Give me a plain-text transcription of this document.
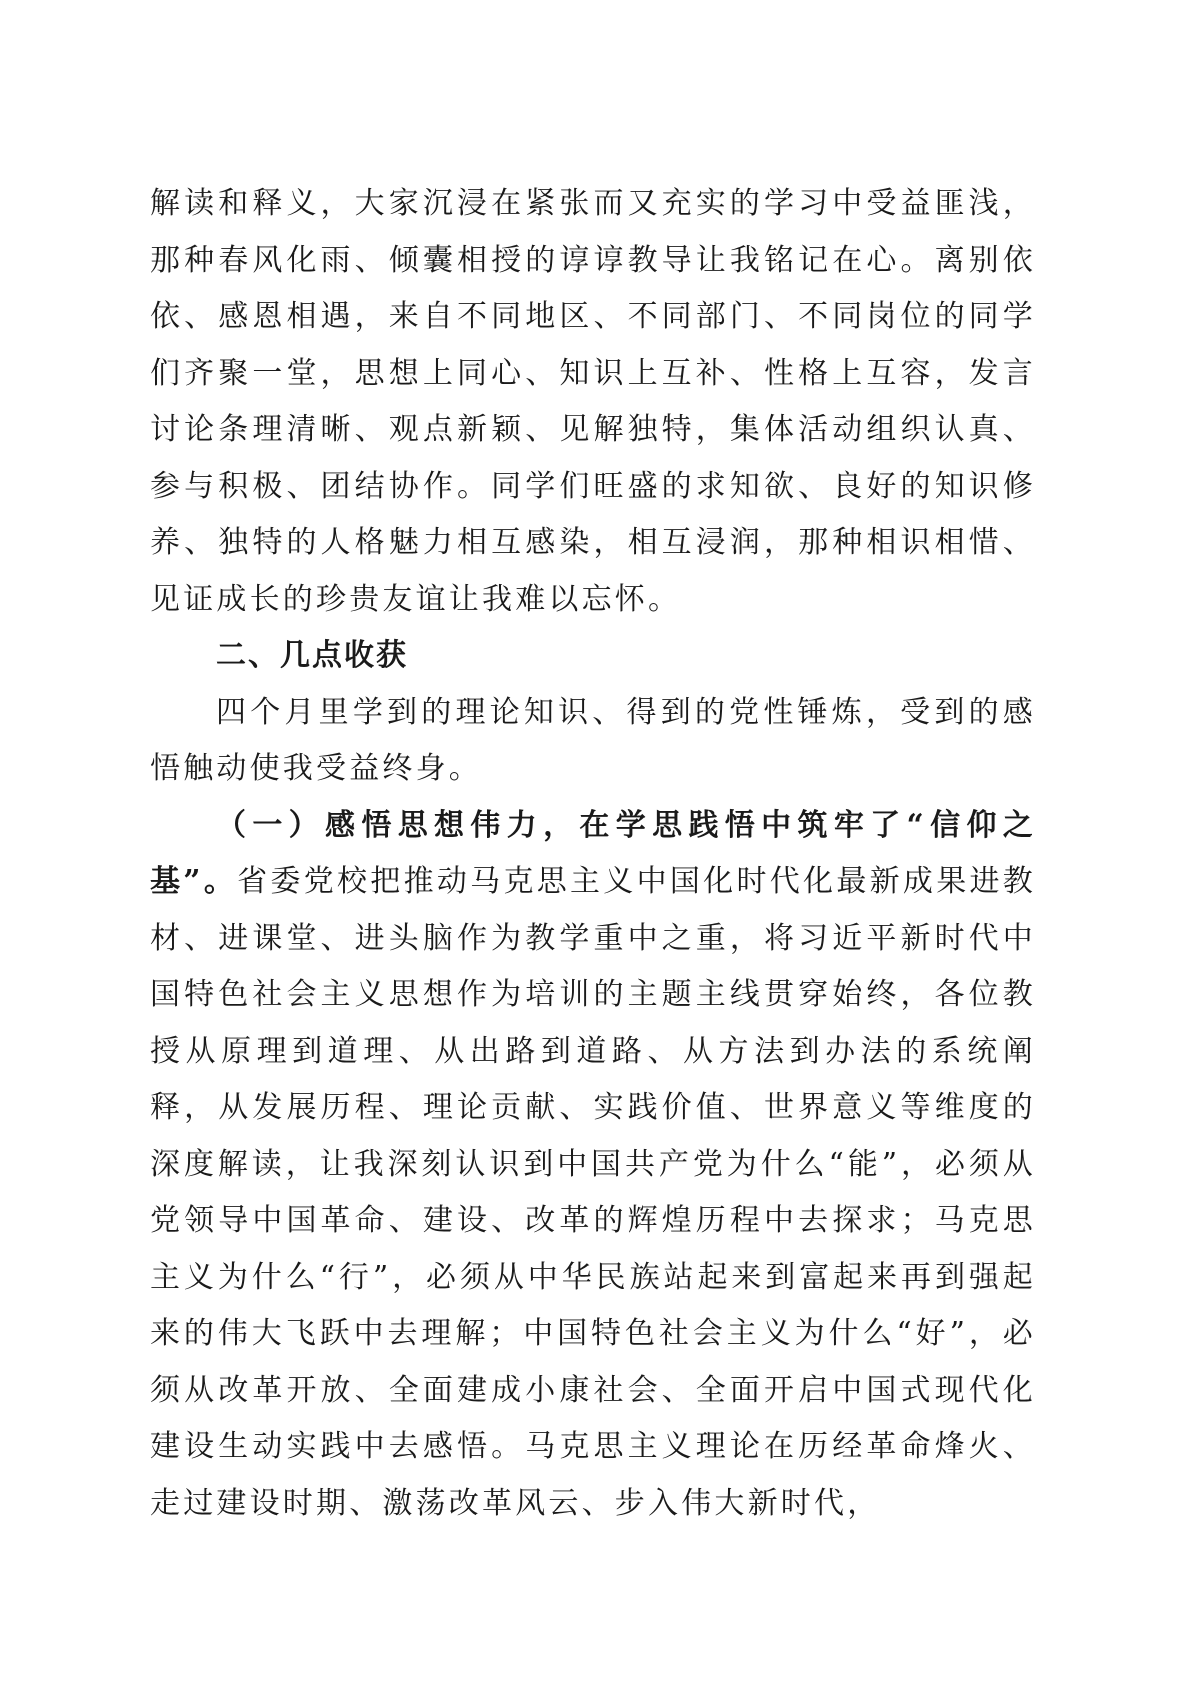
解读和释义，大家沉浸在紧张而又充实的学习中受益匪浅，那种春风化雨、倾囊相授的谆谆教导让我铭记在心。离别依依、感恩相遇，来自不同地区、不同部门、不同岗位的同学们齐聚一堂，思想上同心、知识上互补、性格上互容，发言讨论条理清晰、观点新颖、见解独特，集体活动组织认真、参与积极、团结协作。同学们旺盛的求知欲、良好的知识修养、独特的人格魅力相互感染，相互浸润，那种相识相惜、见证成长的珍贵友谊让我难以忘怀。

二、几点收获

四个月里学到的理论知识、得到的党性锤炼，受到的感悟触动使我受益终身。

（一）感悟思想伟力，在学思践悟中筑牢了“信仰之基”。省委党校把推动马克思主义中国化时代化最新成果进教材、进课堂、进头脑作为教学重中之重，将习近平新时代中国特色社会主义思想作为培训的主题主线贯穿始终，各位教授从原理到道理、从出路到道路、从方法到办法的系统阐释，从发展历程、理论贡献、实践价值、世界意义等维度的深度解读，让我深刻认识到中国共产党为什么“能”，必须从党领导中国革命、建设、改革的辉煌历程中去探求；马克思主义为什么“行”，必须从中华民族站起来到富起来再到强起来的伟大飞跃中去理解；中国特色社会主义为什么“好”，必须从改革开放、全面建成小康社会、全面开启中国式现代化建设生动实践中去感悟。马克思主义理论在历经革命烽火、走过建设时期、激荡改革风云、步入伟大新时代，
